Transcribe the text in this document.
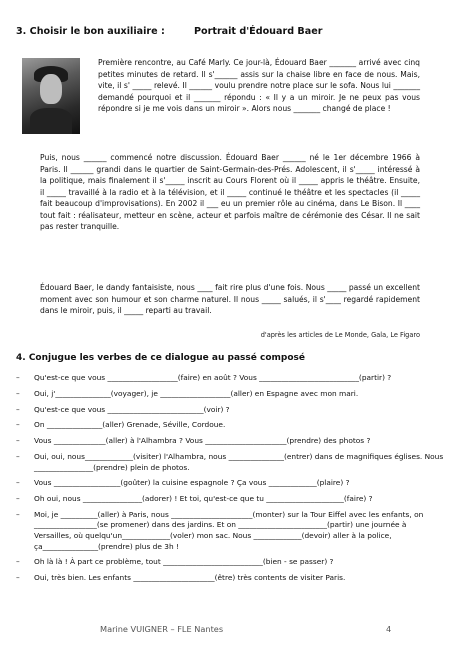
3. Choisir le bon auxiliaire :	Portrait d'Édouard Baer
Première rencontre, au Café Marly. Ce jour-là, Édouard Baer _______ arrivé avec cinq petites minutes de retard. Il s'______ assis sur la chaise libre en face de nous. Mais, vite, il s' _____ relevé. Il ______ voulu prendre notre place sur le sofa. Nous lui _______ demandé pourquoi et il _______ répondu : « Il y a un miroir. Je ne peux pas vous répondre si je me vois dans un miroir ». Alors nous _______ changé de place !
Puis, nous ______ commencé notre discussion. Édouard Baer ______ né le 1er décembre 1966 à Paris. Il ______ grandi dans le quartier de Saint-Germain-des-Prés. Adolescent, il s'_____ intéressé à la politique, mais finalement il s'_____ inscrit au Cours Florent où il _____ appris le théâtre. Ensuite, il _____ travaillé à la radio et à la télévision, et il _____ continué le théâtre et les spectacles (il _____ fait beaucoup d'improvisations). En 2002 il ___ eu un premier rôle au cinéma, dans Le Bison. Il ____ tout fait : réalisateur, metteur en scène, acteur et parfois maître de cérémonie des César. Il ne sait pas rester tranquille.
Édouard Baer, le dandy fantaisiste, nous ____ fait rire plus d'une fois. Nous _____ passé un excellent moment avec son humour et son charme naturel. Il nous _____ salués, il s'____ regardé rapidement dans le miroir, puis, il _____ reparti au travail.
d'après les articles de Le Monde, Gala, Le Figaro
4. Conjugue les verbes de ce dialogue au passé composé
–	Qu'est-ce que vous ___________________(faire) en août ? Vous ___________________________(partir) ?
–	Oui, j'_______________(voyager), je ___________________(aller) en Espagne avec mon mari.
–	Qu'est-ce que vous __________________________(voir) ?
–	On _______________(aller) Grenade, Séville, Cordoue.
–	Vous ______________(aller) à l'Alhambra ? Vous ______________________(prendre) des photos ?
–	Oui, oui, nous_____________(visiter) l'Alhambra, nous _______________(entrer) dans de magnifiques églises. Nous ________________(prendre) plein de photos.
–	Vous __________________(goûter) la cuisine espagnole ? Ça vous _____________(plaire) ?
–	Oh oui, nous ________________(adorer) ! Et toi, qu'est-ce que tu _____________________(faire) ?
–	Moi, je __________(aller) à Paris, nous ______________________(monter) sur la Tour Eiffel avec les enfants, on _________________(se promener) dans des jardins. Et on ________________________(partir) une journée à Versailles, où quelqu'un_____________(voler) mon sac. Nous _____________(devoir) aller à la police, ça_______________(prendre) plus de 3h !
–	Oh là là ! À part ce problème, tout ___________________________(bien - se passer) ?
–	Oui, très bien. Les enfants ______________________(être) très contents de visiter Paris.
Marine VUIGNER – FLE Nantes	4
